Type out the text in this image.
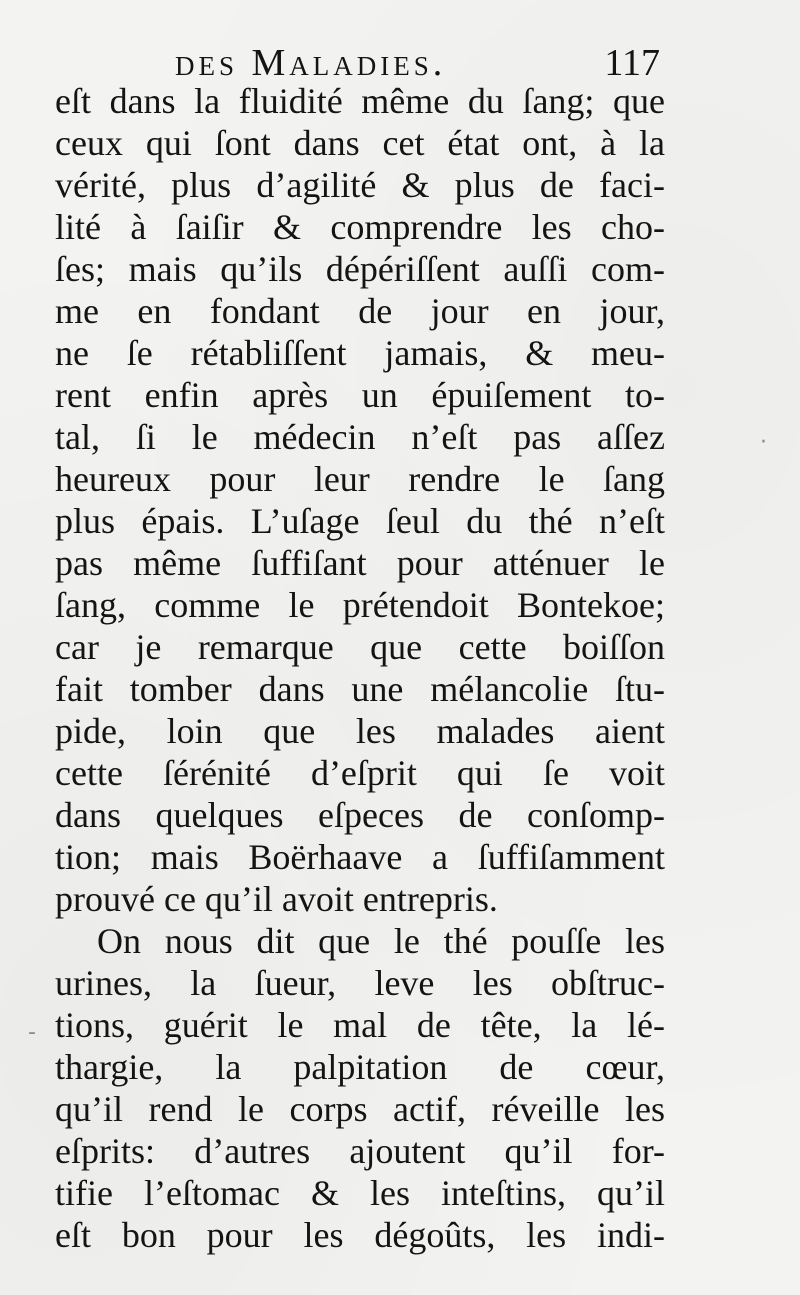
des Maladies.	117
eſt dans la fluidité même du ſang; que
ceux qui ſont dans cet état ont, à la
vérité, plus d’agilité & plus de faci-
lité à ſaiſir & comprendre les cho-
ſes; mais qu’ils dépériſſent auſſi com-
me en fondant de jour en jour,
ne ſe rétabliſſent jamais, & meu-
rent enfin après un épuiſement to-
tal, ſi le médecin n’eſt pas aſſez
heureux pour leur rendre le ſang
plus épais. L’uſage ſeul du thé n’eſt
pas même ſuffiſant pour atténuer le
ſang, comme le prétendoit Bontekoe;
car je remarque que cette boiſſon
fait tomber dans une mélancolie ſtu-
pide, loin que les malades aient
cette ſérénité d’eſprit qui ſe voit
dans quelques eſpeces de conſomp-
tion; mais Boërhaave a ſuffiſamment
prouvé ce qu’il avoit entrepris.
On nous dit que le thé pouſſe les
urines, la ſueur, leve les obſtruc-
tions, guérit le mal de tête, la lé-
thargie, la palpitation de cœur,
qu’il rend le corps actif, réveille les
eſprits: d’autres ajoutent qu’il for-
tifie l’eſtomac & les inteſtins, qu’il
eſt bon pour les dégoûts, les indi-
·
-
